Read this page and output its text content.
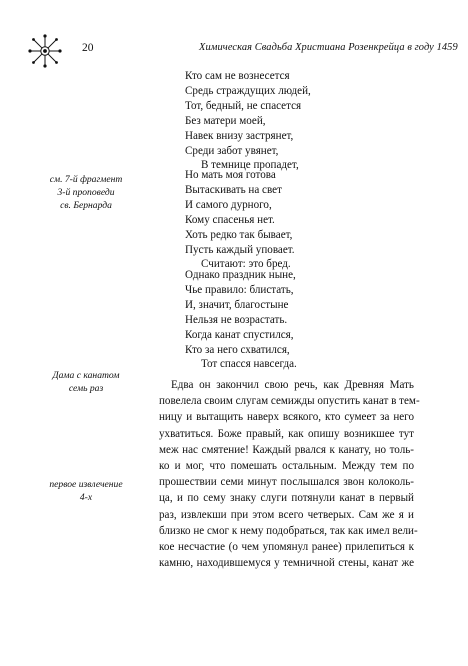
20	Химическая Свадьба Христиана Розенкрейца в году 1459
Кто сам не вознесется
Средь страждущих людей,
Тот, бедный, не спасется
Без матери моей,
Навек внизу застрянет,
Среди забот увянет,
В темнице пропадет,
Но мать моя готова
Вытаскивать на свет
И самого дурного,
Кому спасенья нет.
Хоть редко так бывает,
Пусть каждый уповает.
Считают: это бред.
Однако праздник ныне,
Чье правило: блистать,
И, значит, благостыне
Нельзя не возрастать.
Когда канат спустился,
Кто за него схватился,
Тот спасся навсегда.
см. 7-й фрагмент
3-й проповеди
св. Бернарда
Дама с канатом
семь раз
первое извлечение
4-х
Едва он закончил свою речь, как Древняя Мать
повелела своим слугам семижды опустить канат в тем-
ницу и вытащить наверх всякого, кто сумеет за него
ухватиться. Боже правый, как опишу возникшее тут
меж нас смятение! Каждый рвался к канату, но толь-
ко и мог, что помешать остальным. Между тем по
прошествии семи минут послышался звон колоколь-
ца, и по сему знаку слуги потянули канат в первый
раз, извлекши при этом всего четверых. Сам же я и
близко не смог к нему подобраться, так как имел вели-
кое несчастие (о чем упомянул ранее) прилепиться к
камню, находившемуся у темничной стены, канат же
